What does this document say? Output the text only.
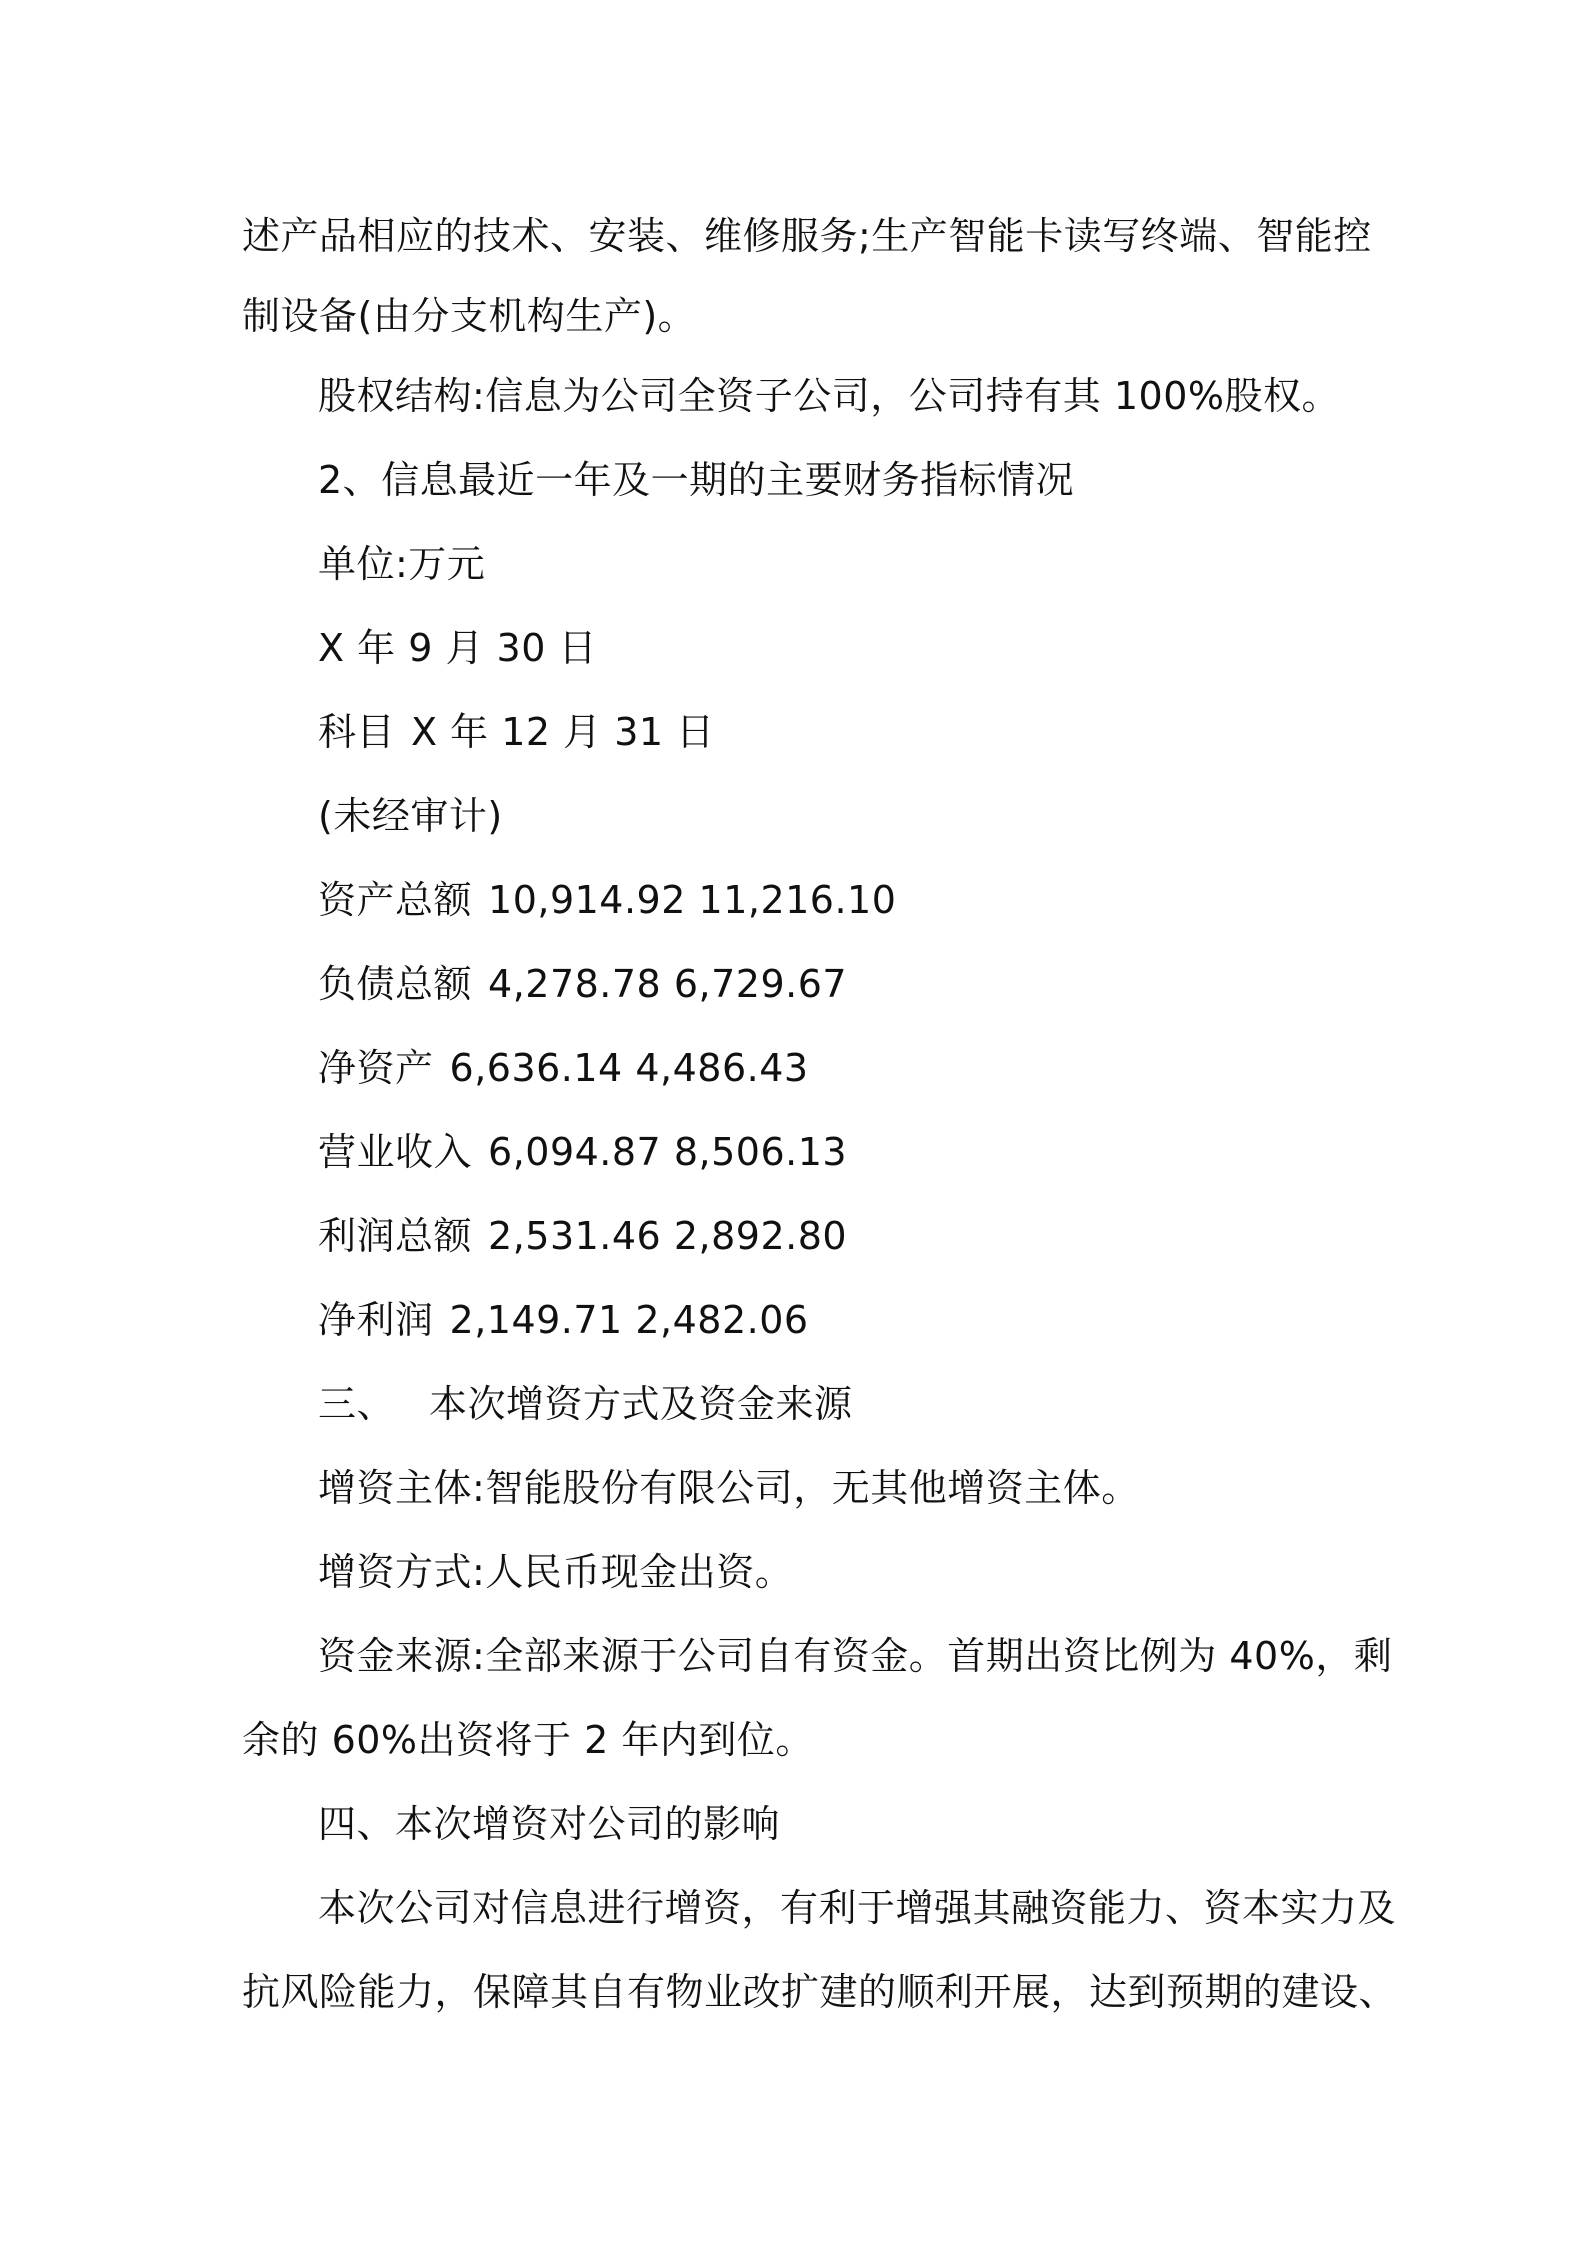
述产品相应的技术、安装、维修服务;生产智能卡读写终端、智能控
制设备(由分支机构生产)。
股权结构:信息为公司全资子公司，公司持有其 100%股权。
2、信息最近一年及一期的主要财务指标情况
单位:万元
X 年 9 月 30 日
科目 X 年 12 月 31 日
(未经审计)
资产总额 10,914.92 11,216.10
负债总额 4,278.78 6,729.67
净资产 6,636.14 4,486.43
营业收入 6,094.87 8,506.13
利润总额 2,531.46 2,892.80
净利润 2,149.71 2,482.06
三、 本次增资方式及资金来源
增资主体:智能股份有限公司，无其他增资主体。
增资方式:人民币现金出资。
资金来源:全部来源于公司自有资金。首期出资比例为 40%，剩
余的 60%出资将于 2 年内到位。
四、本次增资对公司的影响
本次公司对信息进行增资，有利于增强其融资能力、资本实力及
抗风险能力，保障其自有物业改扩建的顺利开展，达到预期的建设、
